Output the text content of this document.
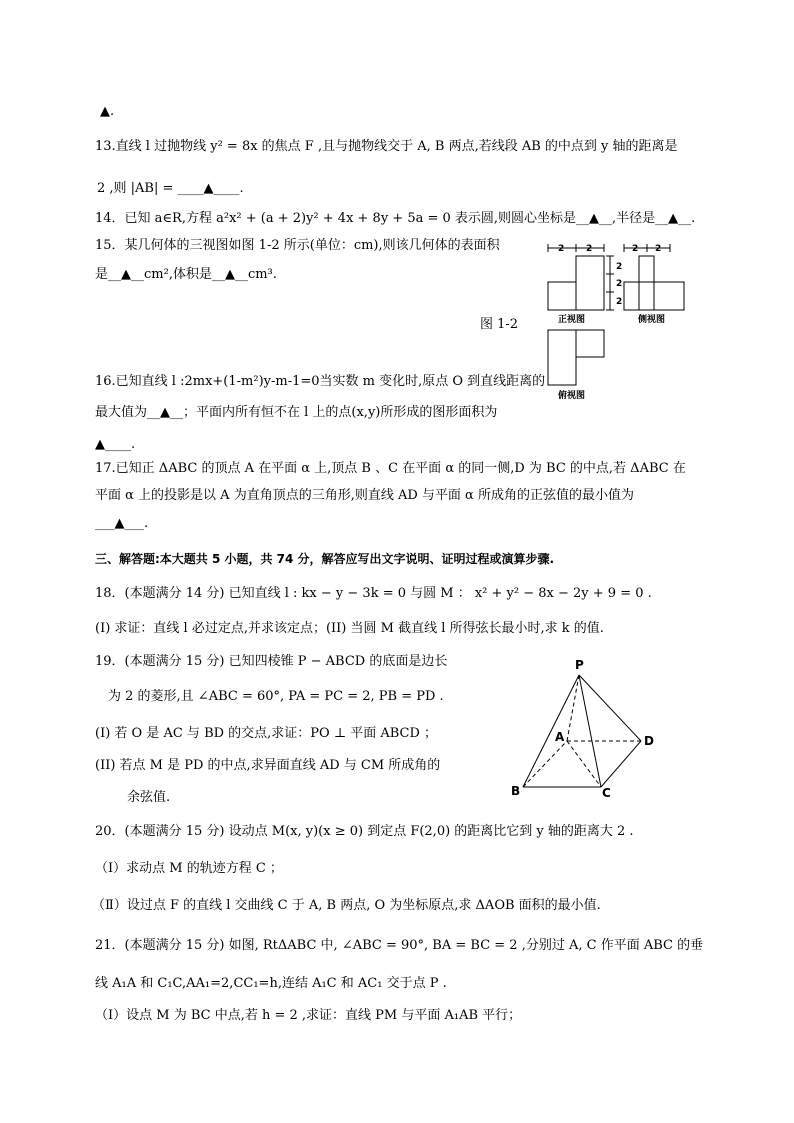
▲.
13.直线 l 过抛物线 y² = 8x 的焦点 F ,且与抛物线交于 A, B 两点,若线段 AB 的中点到 y 轴的距离是
2 ,则 |AB| = ____▲____.
14．已知 a∈R,方程 a²x² + (a + 2)y² + 4x + 8y + 5a = 0 表示圆,则圆心坐标是__▲__,半径是__▲__.
15．某几何体的三视图如图 1-2 所示(单位：cm),则该几何体的表面积
是__▲__cm²,体积是__▲__cm³.
图 1-2
16.已知直线 l :2mx+(1-m²)y-m-1=0当实数 m 变化时,原点 O 到直线距离的
最大值为__▲__；平面内所有恒不在 l 上的点(x,y)所形成的图形面积为
▲____.
17.已知正 ΔABC 的顶点 A 在平面 α 上,顶点 B 、C 在平面 α 的同一侧,D 为 BC 的中点,若 ΔABC 在
平面 α 上的投影是以 A 为直角顶点的三角形,则直线 AD 与平面 α 所成角的正弦值的最小值为
___▲___.
三、解答题:本大题共 5 小题，共 74 分，解答应写出文字说明、证明过程或演算步骤.
18．(本题满分 14 分) 已知直线 l : kx − y − 3k = 0 与圆 M ： x² + y² − 8x − 2y + 9 = 0 .
(I) 求证：直线 l 必过定点,并求该定点；(II) 当圆 M 截直线 l 所得弦长最小时,求 k 的值.
19．(本题满分 15 分) 已知四棱锥 P − ABCD 的底面是边长
为 2 的菱形,且 ∠ABC = 60°, PA = PC = 2, PB = PD .
(I) 若 O 是 AC 与 BD 的交点,求证：PO ⊥ 平面 ABCD ；
(II) 若点 M 是 PD 的中点,求异面直线 AD 与 CM 所成角的
余弦值.
20．(本题满分 15 分) 设动点 M(x, y)(x ≥ 0) 到定点 F(2,0) 的距离比它到 y 轴的距离大 2 .
（Ⅰ）求动点 M 的轨迹方程 C ；
（Ⅱ）设过点 F 的直线 l 交曲线 C 于 A, B 两点, O 为坐标原点,求 ΔAOB 面积的最小值.
21．(本题满分 15 分) 如图, RtΔABC 中, ∠ABC = 90°, BA = BC = 2 ,分别过 A, C 作平面 ABC 的垂
线 A₁A 和 C₁C,AA₁=2,CC₁=h,连结 A₁C 和 AC₁ 交于点 P .
（Ⅰ）设点 M 为 BC 中点,若 h = 2 ,求证：直线 PM 与平面 A₁AB 平行；
2 2	2 2
2
2
2
正视图	侧视图
俯视图
P
A
B	C
D
